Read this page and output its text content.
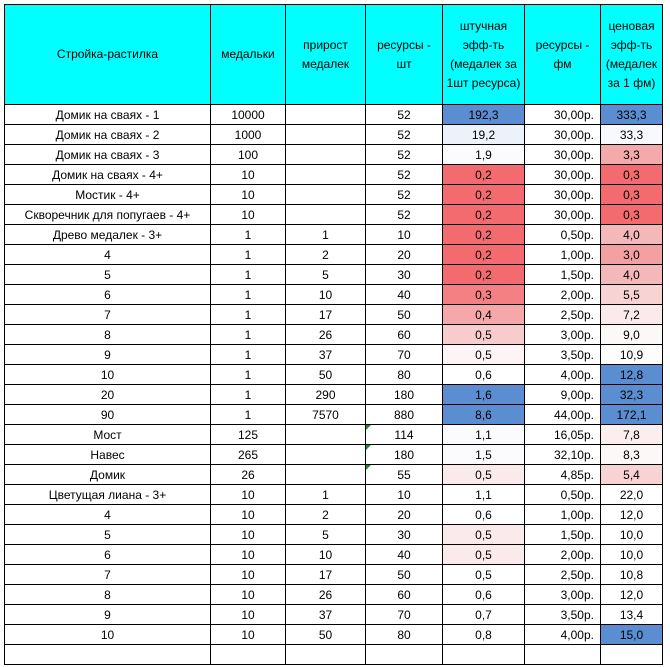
Стройка-растилка	медальки	прирост медалек	ресурсы - шт	штучная эфф-ть (медалек за 1шт ресурса)	ресурсы - фм	ценовая эфф-ть (медалек за 1 фм)
Домик на сваях - 1	10000		52	192,3	30,00р.	333,3
Домик на сваях - 2	1000		52	19,2	30,00р.	33,3
Домик на сваях - 3	100		52	1,9	30,00р.	3,3
Домик на сваях - 4+	10		52	0,2	30,00р.	0,3
Мостик - 4+	10		52	0,2	30,00р.	0,3
Скворечник для попугаев - 4+	10		52	0,2	30,00р.	0,3
Древо медалек - 3+	1	1	10	0,2	0,50р.	4,0
4	1	2	20	0,2	1,00р.	3,0
5	1	5	30	0,2	1,50р.	4,0
6	1	10	40	0,3	2,00р.	5,5
7	1	17	50	0,4	2,50р.	7,2
8	1	26	60	0,5	3,00р.	9,0
9	1	37	70	0,5	3,50р.	10,9
10	1	50	80	0,6	4,00р.	12,8
20	1	290	180	1,6	9,00р.	32,3
90	1	7570	880	8,6	44,00р.	172,1
Мост	125		114	1,1	16,05р.	7,8
Навес	265		180	1,5	32,10р.	8,3
Домик	26		55	0,5	4,85р.	5,4
Цветущая лиана - 3+	10	1	10	1,1	0,50р.	22,0
4	10	2	20	0,6	1,00р.	12,0
5	10	5	30	0,5	1,50р.	10,0
6	10	10	40	0,5	2,00р.	10,0
7	10	17	50	0,5	2,50р.	10,8
8	10	26	60	0,6	3,00р.	12,0
9	10	37	70	0,7	3,50р.	13,4
10	10	50	80	0,8	4,00р.	15,0
